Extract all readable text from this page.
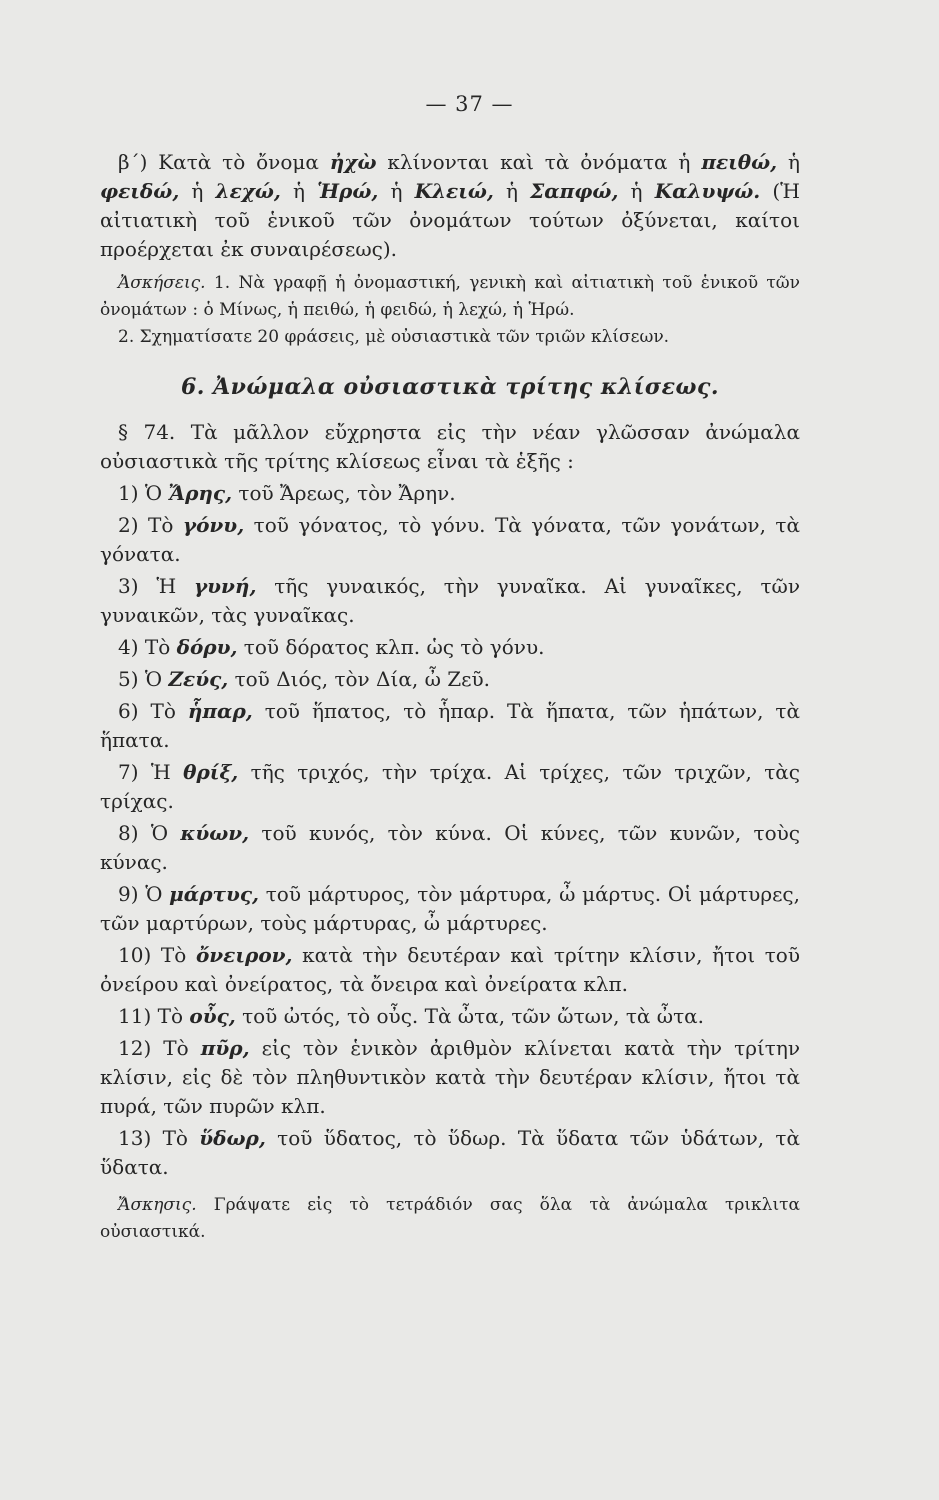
— 37 —

β΄) Κατὰ τὸ ὄνομα ἠχὼ κλίνονται καὶ τὰ ὀνόματα ἡ πειθώ, ἡ φειδώ, ἡ λεχώ, ἡ Ἡρώ, ἡ Κλειώ, ἡ Σαπφώ, ἡ Καλυψώ. (Ἡ αἰτιατικὴ τοῦ ἑνικοῦ τῶν ὀνομάτων τούτων ὀξύνεται, καίτοι προέρχεται ἐκ συναιρέσεως).

Ἀσκήσεις. 1. Νὰ γραφῇ ἡ ὀνομαστική, γενικὴ καὶ αἰτιατικὴ τοῦ ἑνικοῦ τῶν ὀνομάτων : ὁ Μίνως, ἡ πειθώ, ἡ φειδώ, ἡ λεχώ, ἡ Ἡρώ.

2. Σχηματίσατε 20 φράσεις, μὲ οὐσιαστικὰ τῶν τριῶν κλίσεων.

6. Ἀνώμαλα οὐσιαστικὰ τρίτης κλίσεως.

§ 74. Τὰ μᾶλλον εὔχρηστα εἰς τὴν νέαν γλῶσσαν ἀνώμαλα οὐσιαστικὰ τῆς τρίτης κλίσεως εἶναι τὰ ἑξῆς :

1) Ὁ Ἄρης, τοῦ Ἄρεως, τὸν Ἄρην.

2) Τὸ γόνυ, τοῦ γόνατος, τὸ γόνυ. Τὰ γόνατα, τῶν γονάτων, τὰ γόνατα.

3) Ἡ γυνή, τῆς γυναικός, τὴν γυναῖκα. Αἱ γυναῖκες, τῶν γυναικῶν, τὰς γυναῖκας.

4) Τὸ δόρυ, τοῦ δόρατος κλπ. ὡς τὸ γόνυ.

5) Ὁ Ζεύς, τοῦ Διός, τὸν Δία, ὦ Ζεῦ.

6) Τὸ ἧπαρ, τοῦ ἥπατος, τὸ ἧπαρ. Τὰ ἥπατα, τῶν ἡπάτων, τὰ ἥπατα.

7) Ἡ θρίξ, τῆς τριχός, τὴν τρίχα. Αἱ τρίχες, τῶν τριχῶν, τὰς τρίχας.

8) Ὁ κύων, τοῦ κυνός, τὸν κύνα. Οἱ κύνες, τῶν κυνῶν, τοὺς κύνας.

9) Ὁ μάρτυς, τοῦ μάρτυρος, τὸν μάρτυρα, ὦ μάρτυς. Οἱ μάρτυρες, τῶν μαρτύρων, τοὺς μάρτυρας, ὦ μάρτυρες.

10) Τὸ ὄνειρον, κατὰ τὴν δευτέραν καὶ τρίτην κλίσιν, ἤτοι τοῦ ὀνείρου καὶ ὀνείρατος, τὰ ὄνειρα καὶ ὀνείρατα κλπ.

11) Τὸ οὖς, τοῦ ὠτός, τὸ οὖς. Τὰ ὦτα, τῶν ὤτων, τὰ ὦτα.

12) Τὸ πῦρ, εἰς τὸν ἑνικὸν ἀριθμὸν κλίνεται κατὰ τὴν τρίτην κλίσιν, εἰς δὲ τὸν πληθυντικὸν κατὰ τὴν δευτέραν κλίσιν, ἤτοι τὰ πυρά, τῶν πυρῶν κλπ.

13) Τὸ ὕδωρ, τοῦ ὕδατος, τὸ ὕδωρ. Τὰ ὕδατα τῶν ὑδάτων, τὰ ὕδατα.

Ἄσκησις. Γράψατε εἰς τὸ τετράδιόν σας ὅλα τὰ ἀνώμαλα τρικλιτα οὐσιαστικά.
